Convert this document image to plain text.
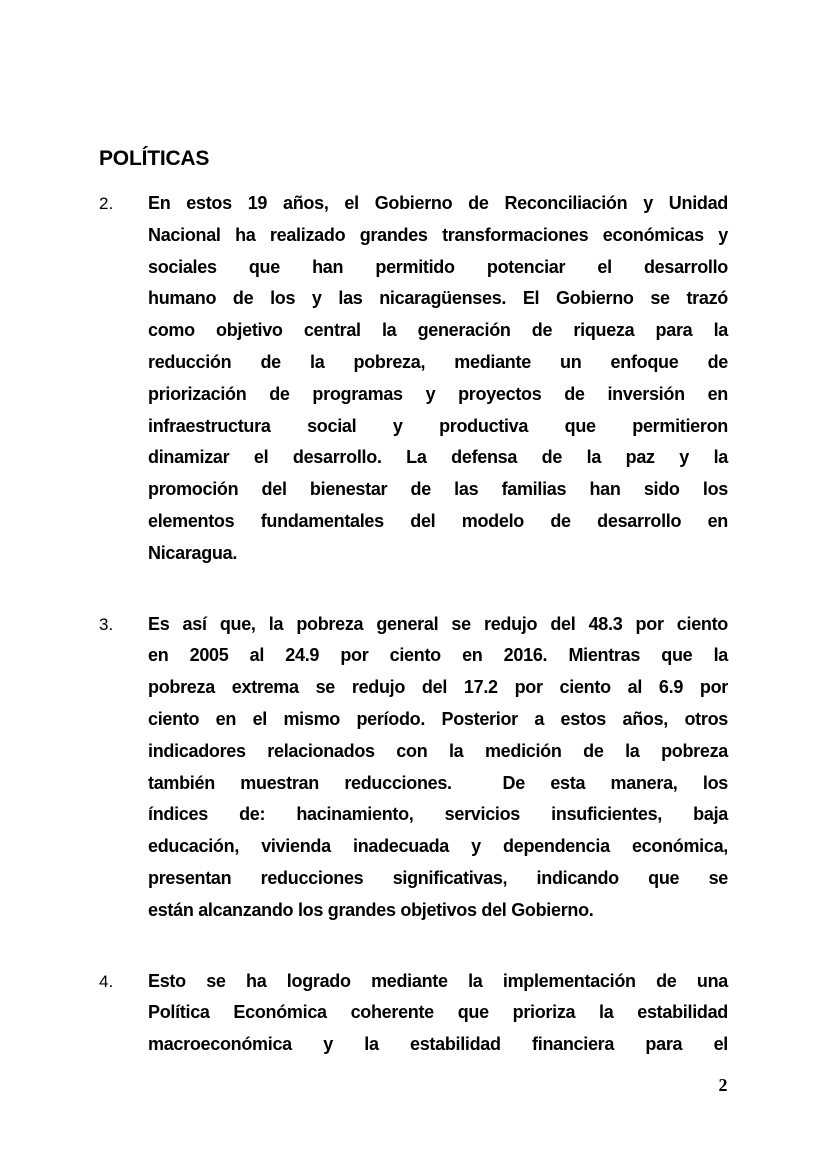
POLÍTICAS
2.	En estos 19 años, el Gobierno de Reconciliación y Unidad
Nacional ha realizado grandes transformaciones económicas y
sociales que han permitido potenciar el desarrollo
humano de los y las nicaragüenses. El Gobierno se trazó
como objetivo central la generación de riqueza para la
reducción de la pobreza, mediante un enfoque de
priorización de programas y proyectos de inversión en
infraestructura social y productiva que permitieron
dinamizar el desarrollo. La defensa de la paz y la
promoción del bienestar de las familias han sido los
elementos fundamentales del modelo de desarrollo en
Nicaragua.
3.	Es así que, la pobreza general se redujo del 48.3 por ciento
en 2005 al 24.9 por ciento en 2016. Mientras que la
pobreza extrema se redujo del 17.2 por ciento al 6.9 por
ciento en el mismo período. Posterior a estos años, otros
indicadores relacionados con la medición de la pobreza
también muestran reducciones.  De esta manera, los
índices de: hacinamiento, servicios insuficientes, baja
educación, vivienda inadecuada y dependencia económica,
presentan reducciones significativas, indicando que se
están alcanzando los grandes objetivos del Gobierno.
4.	Esto se ha logrado mediante la implementación de una
Política Económica coherente que prioriza la estabilidad
macroeconómica y la estabilidad financiera para el
2
